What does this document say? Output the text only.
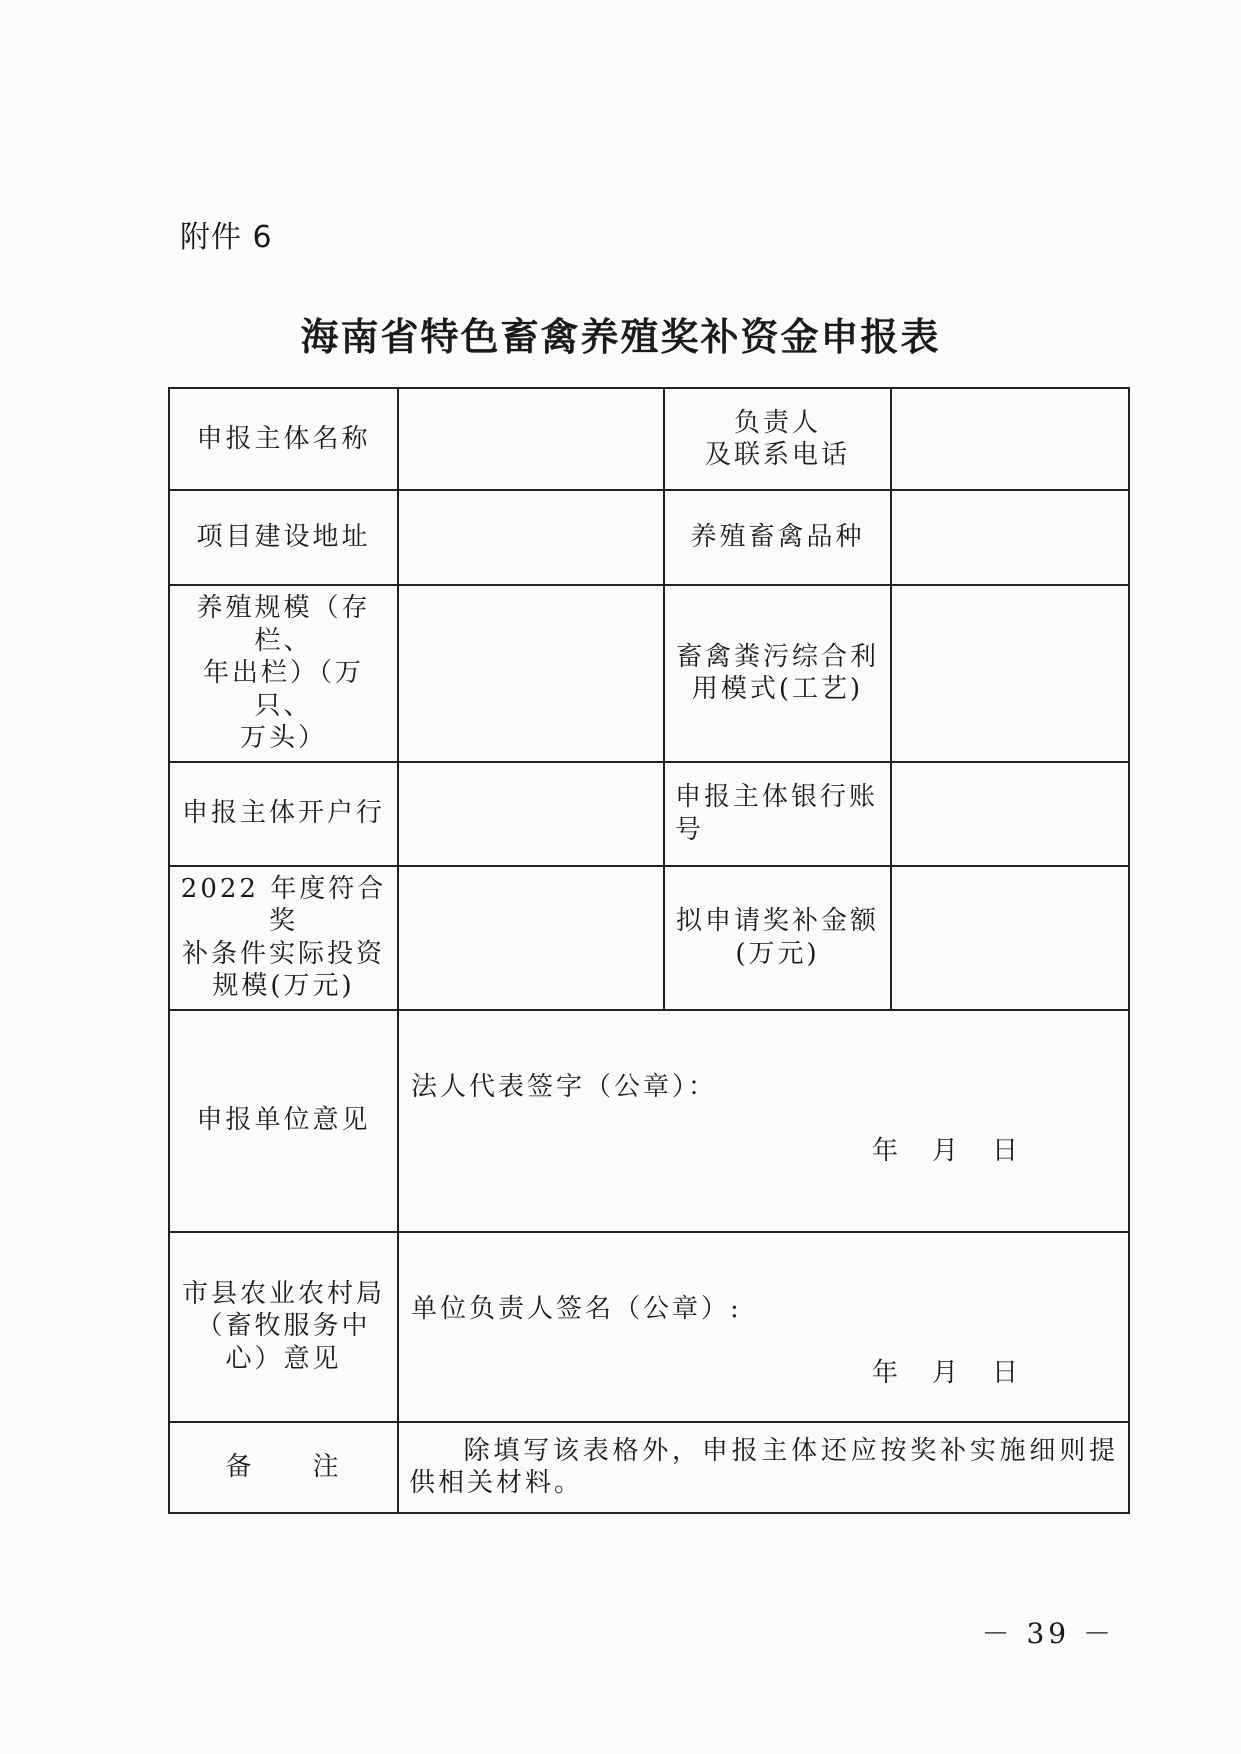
附件 6
海南省特色畜禽养殖奖补资金申报表
申报主体名称		负责人
及联系电话	
项目建设地址		养殖畜禽品种	
养殖规模（存栏、
年出栏）（万只、
万头）		畜禽粪污综合利
用模式(工艺)	
申报主体开户行		申报主体银行账
号	
2022 年度符合奖
补条件实际投资
规模(万元)		拟申请奖补金额
(万元)	
申报单位意见	法人代表签字（公章）：
年 月 日		

市县农业农村局
（畜牧服务中
心）意见	单位负责人签名（公章）:
年 月 日		

备　　注	除填写该表格外，申报主体还应按奖补实施细则提供相关材料。		

－ 39 －
